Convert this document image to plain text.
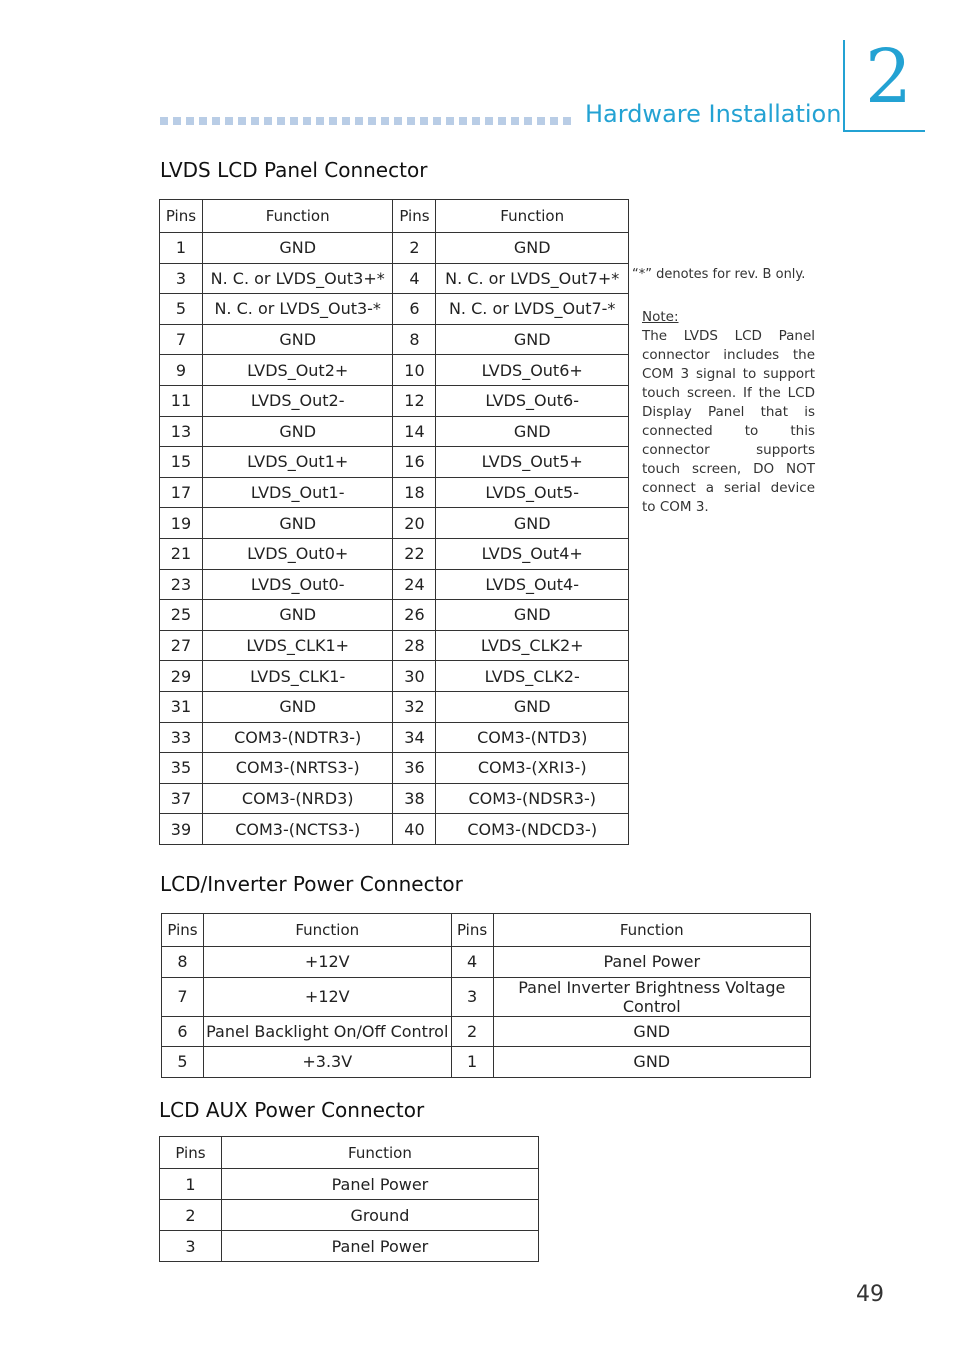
Hardware Installation 2
LVDS LCD Panel Connector
Pins	Function	Pins	Function
1	GND	2	GND
3	N. C. or LVDS_Out3+*	4	N. C. or LVDS_Out7+*
5	N. C. or LVDS_Out3-*	6	N. C. or LVDS_Out7-*
7	GND	8	GND
9	LVDS_Out2+	10	LVDS_Out6+
11	LVDS_Out2-	12	LVDS_Out6-
13	GND	14	GND
15	LVDS_Out1+	16	LVDS_Out5+
17	LVDS_Out1-	18	LVDS_Out5-
19	GND	20	GND
21	LVDS_Out0+	22	LVDS_Out4+
23	LVDS_Out0-	24	LVDS_Out4-
25	GND	26	GND
27	LVDS_CLK1+	28	LVDS_CLK2+
29	LVDS_CLK1-	30	LVDS_CLK2-
31	GND	32	GND
33	COM3-(NDTR3-)	34	COM3-(NTD3)
35	COM3-(NRTS3-)	36	COM3-(XRI3-)
37	COM3-(NRD3)	38	COM3-(NDSR3-)
39	COM3-(NCTS3-)	40	COM3-(NDCD3-)
“*” denotes for rev. B only.
Note:
The LVDS LCD Panel connector includes the COM 3 signal to support touch screen. If the LCD Display Panel that is connected to this connector supports touch screen, DO NOT connect a serial device to COM 3.
LCD/Inverter Power Connector
Pins	Function	Pins	Function
8	+12V	4	Panel Power
7	+12V	3	Panel Inverter Brightness Voltage Control
6	Panel Backlight On/Off Control	2	GND
5	+3.3V	1	GND
LCD AUX Power Connector
Pins	Function
1	Panel Power
2	Ground
3	Panel Power
49
